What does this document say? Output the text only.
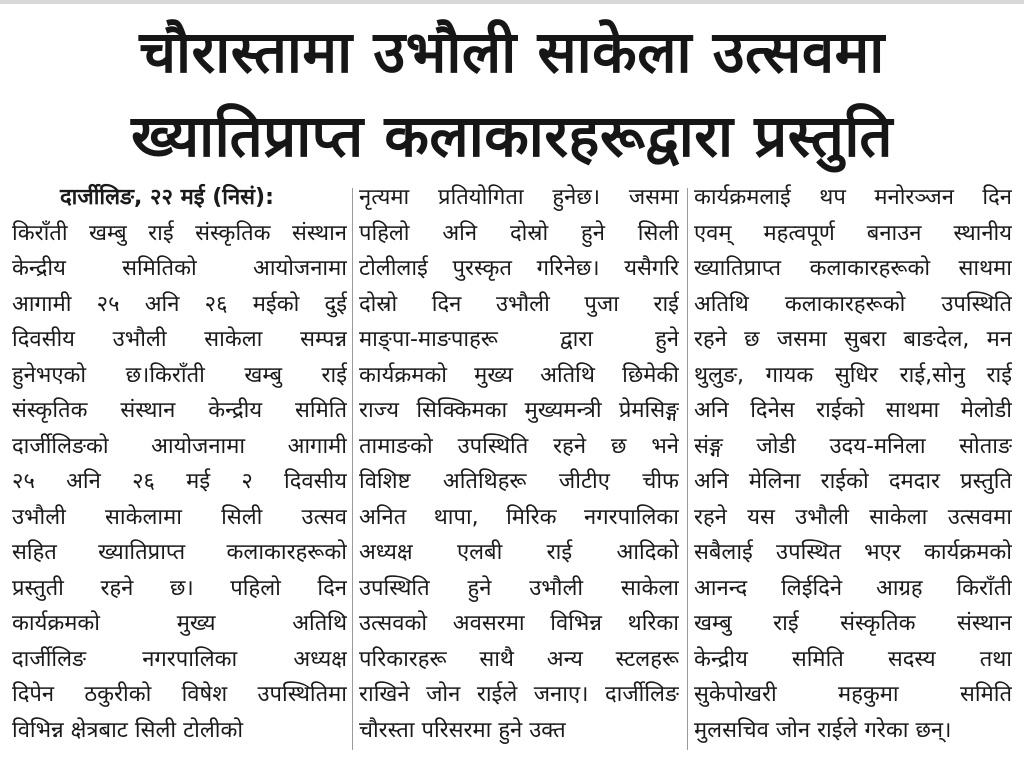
चौरास्तामा उभौली साकेला उत्सवमा
ख्यातिप्राप्त कलाकारहरूद्वारा प्रस्तुति
दार्जीलिङ, २२ मई (निसं):
किराँती खम्बु राई संस्कृतिक संस्थान
केन्द्रीय समितिको आयोजनामा
आगामी २५ अनि २६ मईको दुई
दिवसीय उभौली साकेला सम्पन्न
हुनेभएको छ।किराँती खम्बु राई
संस्कृतिक संस्थान केन्द्रीय समिति
दार्जीलिङको आयोजनामा आगामी
२५ अनि २६ मई २ दिवसीय
उभौली साकेलामा सिली उत्सव
सहित ख्यातिप्राप्त कलाकारहरूको
प्रस्तुती रहने छ। पहिलो दिन
कार्यक्रमको मुख्य अतिथि
दार्जीलिङ नगरपालिका अध्यक्ष
दिपेन ठकुरीको विषेश उपस्थितिमा
विभिन्न क्षेत्रबाट सिली टोलीको
नृत्यमा प्रतियोगिता हुनेछ। जसमा
पहिलो अनि दोस्रो हुने सिली
टोलीलाई पुरस्कृत गरिनेछ। यसैगरि
दोस्रो दिन उभौली पुजा राई
माङ्पा-माङपाहरू द्वारा हुने
कार्यक्रमको मुख्य अतिथि छिमेकी
राज्य सिक्किमका मुख्यमन्त्री प्रेमसिङ्ग
तामाङको उपस्थिति रहने छ भने
विशिष्ट अतिथिहरू जीटीए चीफ
अनित थापा, मिरिक नगरपालिका
अध्यक्ष एलबी राई आदिको
उपस्थिति हुने उभौली साकेला
उत्सवको अवसरमा विभिन्न थरिका
परिकारहरू साथै अन्य स्टलहरू
राखिने जोन राईले जनाए। दार्जीलिङ
चौरस्ता परिसरमा हुने उक्त
कार्यक्रमलाई थप मनोरञ्जन दिन
एवम् महत्वपूर्ण बनाउन स्थानीय
ख्यातिप्राप्त कलाकारहरूको साथमा
अतिथि कलाकारहरूको उपस्थिति
रहने छ जसमा सुबरा बाङदेल, मन
थुलुङ, गायक सुधिर राई,सोनु राई
अनि दिनेस राईको साथमा मेलोडी
संङ्ग जोडी उदय-मनिला सोताङ
अनि मेलिना राईको दमदार प्रस्तुति
रहने यस उभौली साकेला उत्सवमा
सबैलाई उपस्थित भएर कार्यक्रमको
आनन्द लिईदिने आग्रह किराँती
खम्बु राई संस्कृतिक संस्थान
केन्द्रीय समिति सदस्य तथा
सुकेपोखरी महकुमा समिति
मुलसचिव जोन राईले गरेका छन्।
